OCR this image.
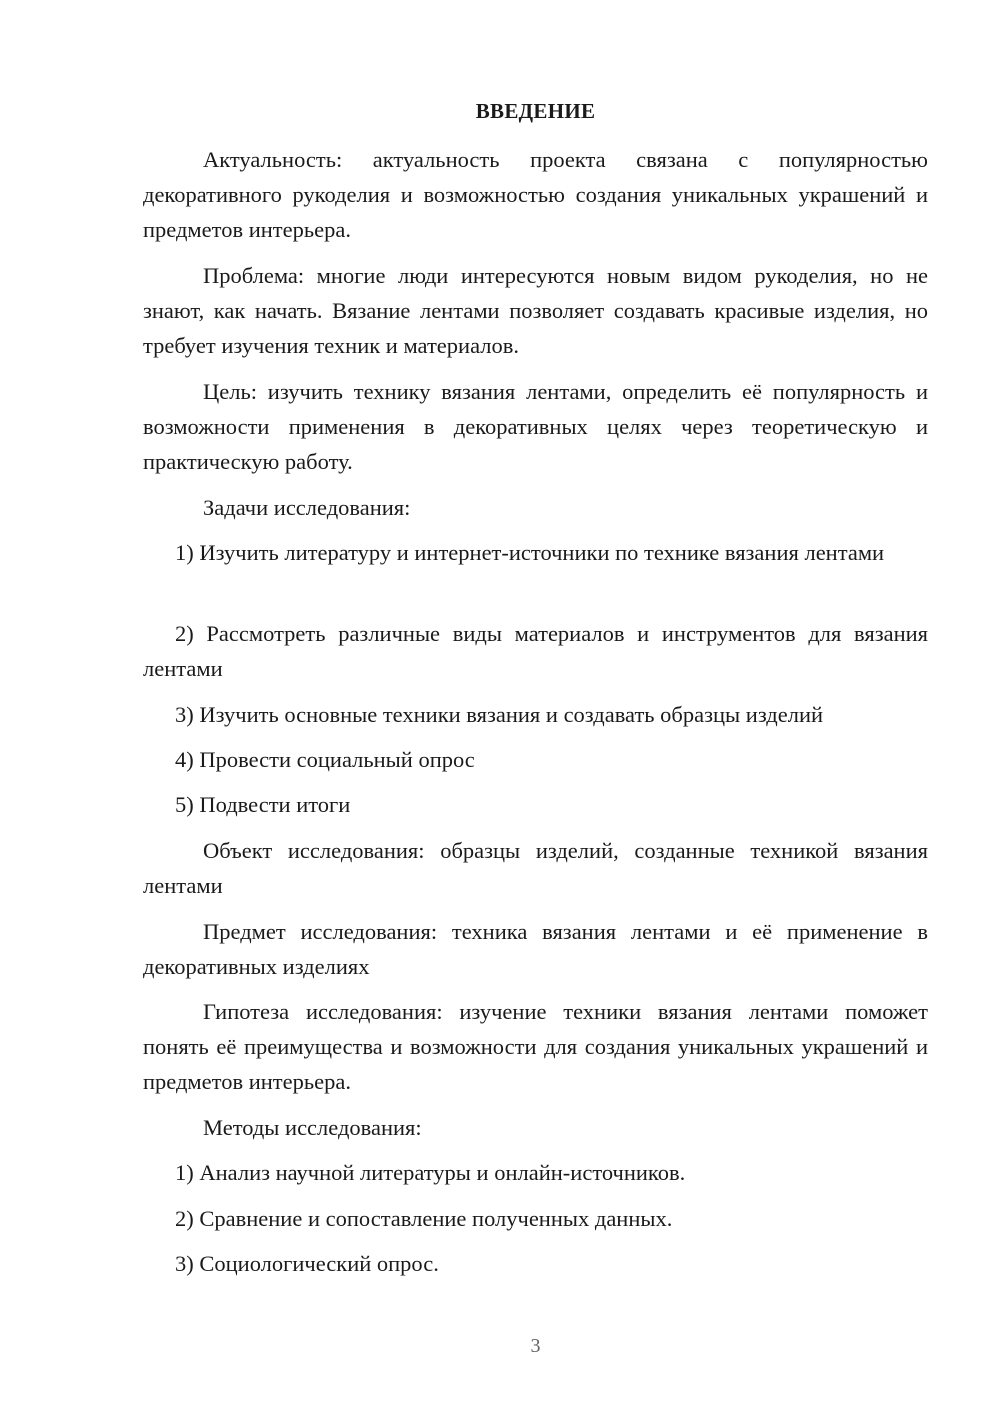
ВВЕДЕНИЕ

Актуальность: актуальность проекта связана с популярностью декоративного рукоделия и возможностью создания уникальных украшений и предметов интерьера.

Проблема: многие люди интересуются новым видом рукоделия, но не знают, как начать. Вязание лентами позволяет создавать красивые изделия, но требует изучения техник и материалов.

Цель: изучить технику вязания лентами, определить её популярность и возможности применения в декоративных целях через теоретическую и практическую работу.

Задачи исследования:

1) Изучить литературу и интернет-источники по технике вязания лентами

2) Рассмотреть различные виды материалов и инструментов для вязания лентами

3) Изучить основные техники вязания и создавать образцы изделий

4) Провести социальный опрос

5) Подвести итоги

Объект исследования: образцы изделий, созданные техникой вязания лентами

Предмет исследования: техника вязания лентами и её применение в декоративных изделиях

Гипотеза исследования: изучение техники вязания лентами поможет понять её преимущества и возможности для создания уникальных украшений и предметов интерьера.

Методы исследования:

1) Анализ научной литературы и онлайн-источников.

2) Сравнение и сопоставление полученных данных.

3) Социологический опрос.

3
